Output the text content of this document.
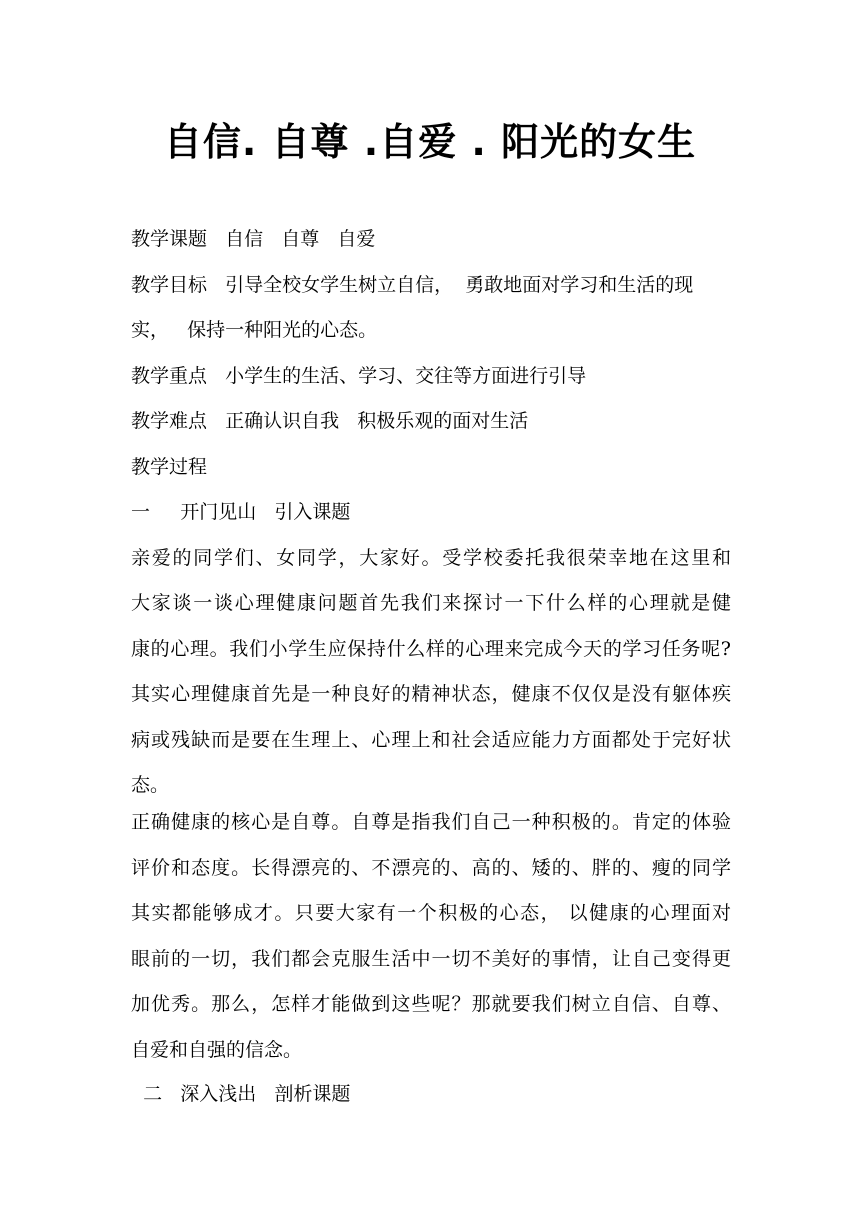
自信. 自尊 .自爱 . 阳光的女生
教学课题   自信   自尊   自爱
教学目标   引导全校女学生树立自信，  勇敢地面对学习和生活的现
实，   保持一种阳光的心态。
教学重点   小学生的生活、学习、交往等方面进行引导
教学难点   正确认识自我   积极乐观的面对生活
教学过程
一     开门见山   引入课题
亲爱的同学们、女同学，大家好。受学校委托我很荣幸地在这里和
大家谈一谈心理健康问题首先我们来探讨一下什么样的心理就是健
康的心理。我们小学生应保持什么样的心理来完成今天的学习任务呢?
其实心理健康首先是一种良好的精神状态，健康不仅仅是没有躯体疾
病或残缺而是要在生理上、心理上和社会适应能力方面都处于完好状
态。
正确健康的核心是自尊。自尊是指我们自己一种积极的。肯定的体验
评价和态度。长得漂亮的、不漂亮的、高的、矮的、胖的、瘦的同学
其实都能够成才。只要大家有一个积极的心态， 以健康的心理面对
眼前的一切，我们都会克服生活中一切不美好的事情，让自己变得更
加优秀。那么，怎样才能做到这些呢？那就要我们树立自信、自尊、
自爱和自强的信念。
二   深入浅出   剖析课题
